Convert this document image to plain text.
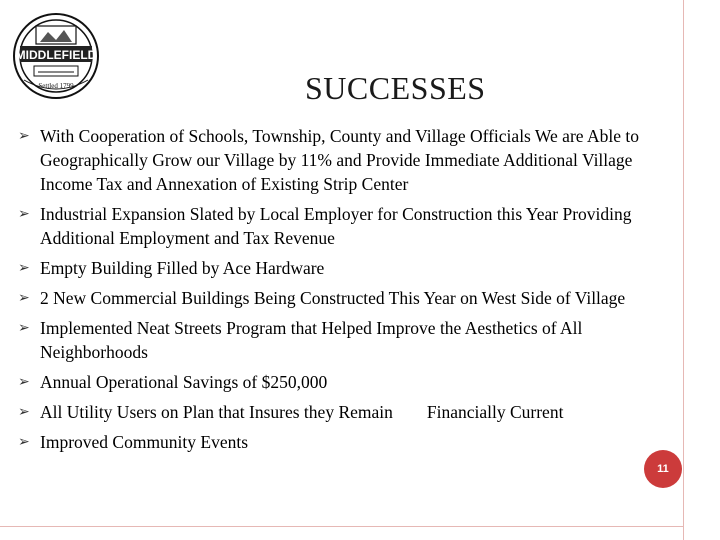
MIDDLEFIELD
Settled 1799	SUCCESSES
➢ With Cooperation of Schools, Township, County and Village Officials We are Able to Geographically Grow our Village by 11% and Provide Immediate Additional Village Income Tax and Annexation of Existing Strip Center
➢ Industrial Expansion Slated by Local Employer for Construction this Year Providing Additional Employment and Tax Revenue
➢ Empty Building Filled by Ace Hardware
➢ 2 New Commercial Buildings Being Constructed This Year on West Side of Village
➢ Implemented Neat Streets Program that Helped Improve the Aesthetics of All Neighborhoods
➢ Annual Operational Savings of $250,000
➢ All Utility Users on Plan that Insures they Remain Financially Current
➢ Improved Community Events
11
